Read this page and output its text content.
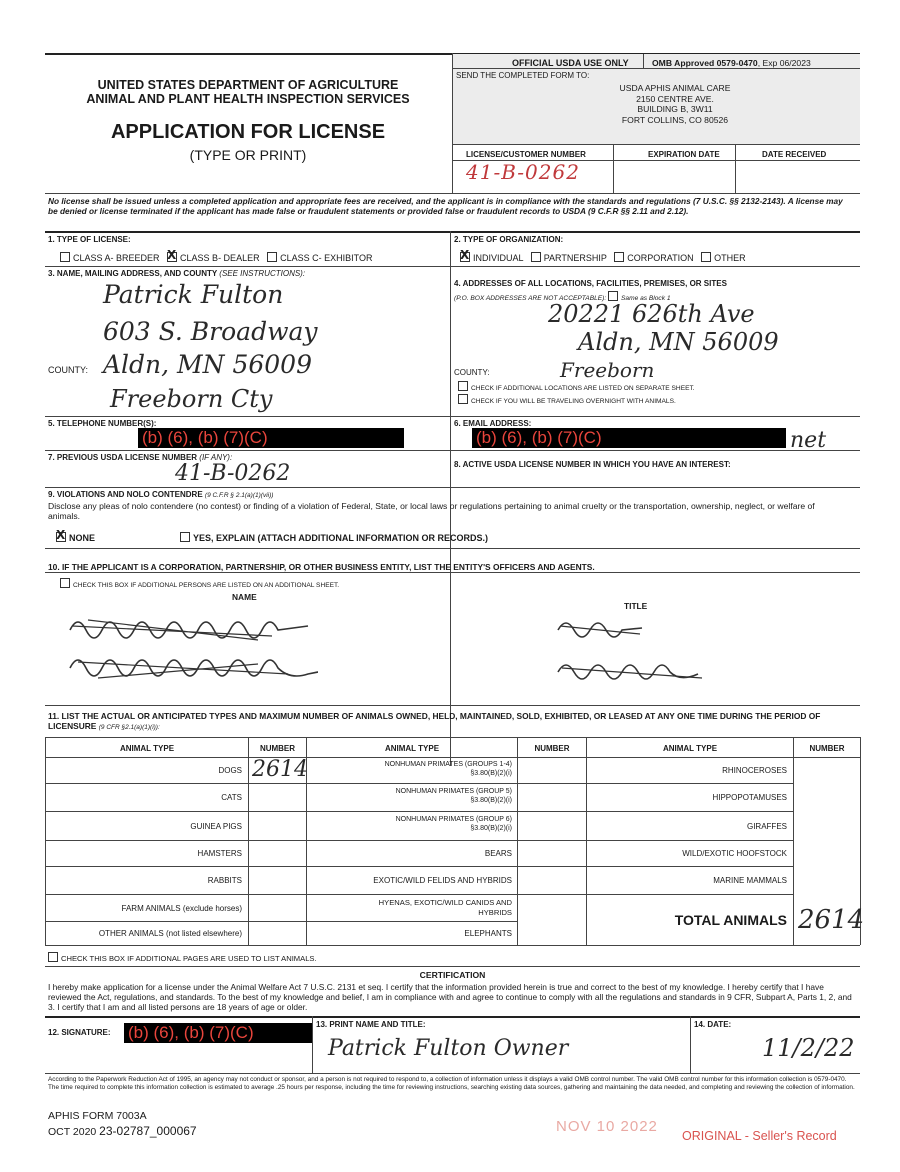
UNITED STATES DEPARTMENT OF AGRICULTURE
ANIMAL AND PLANT HEALTH INSPECTION SERVICES
APPLICATION FOR LICENSE
(TYPE OR PRINT)
OFFICIAL USDA USE ONLY	OMB Approved 0579-0470, Exp 06/2023
SEND THE COMPLETED FORM TO:
USDA APHIS ANIMAL CARE
2150 CENTRE AVE.
BUILDING B, 3W11
FORT COLLINS, CO 80526
LICENSE/CUSTOMER NUMBER	EXPIRATION DATE	DATE RECEIVED
41-B-0262
No license shall be issued unless a completed application and appropriate fees are received, and the applicant is in compliance with the standards and regulations (7 U.S.C. §§ 2132-2143). A license may be denied or license terminated if the applicant has made false or fraudulent statements or provided false or fraudulent records to USDA (9 C.F.R §§ 2.11 and 2.12).
1. TYPE OF LICENSE:
CLASS A- BREEDER   X CLASS B- DEALER CLASS C- EXHIBITOR
2. TYPE OF ORGANIZATION:
XINDIVIDUAL PARTNERSHIP CORPORATION OTHER
3. NAME, MAILING ADDRESS, AND COUNTY (SEE INSTRUCTIONS):
Patrick Fulton
603 S. Broadway
COUNTY: Aldn, MN 56009
Freeborn Cty
4. ADDRESSES OF ALL LOCATIONS, FACILITIES, PREMISES, OR SITES
(P.O. BOX ADDRESSES ARE NOT ACCEPTABLE): Same as Block 1
20221 626th Ave
Aldn, MN 56009
COUNTY:	Freeborn
CHECK IF ADDITIONAL LOCATIONS ARE LISTED ON SEPARATE SHEET.
CHECK IF YOU WILL BE TRAVELING OVERNIGHT WITH ANIMALS.
5. TELEPHONE NUMBER(S):
(b) (6), (b) (7)(C)
6. EMAIL ADDRESS:
(b) (6), (b) (7)(C)	net
7. PREVIOUS USDA LICENSE NUMBER (IF ANY):
41-B-0262	8. ACTIVE USDA LICENSE NUMBER IN WHICH YOU HAVE AN INTEREST:
9. VIOLATIONS AND NOLO CONTENDRE (9 C.F.R § 2.1(a)(1)(vii))
Disclose any pleas of nolo contendere (no contest) or finding of a violation of Federal, State, or local laws or regulations pertaining to animal cruelty or the transportation, ownership, neglect, or welfare of animals.
XNONE	YES, EXPLAIN (ATTACH ADDITIONAL INFORMATION OR RECORDS.)
10. IF THE APPLICANT IS A CORPORATION, PARTNERSHIP, OR OTHER BUSINESS ENTITY, LIST THE ENTITY'S OFFICERS AND AGENTS.
CHECK THIS BOX IF ADDITIONAL PERSONS ARE LISTED ON AN ADDITIONAL SHEET.
NAME
TITLE
11. LIST THE ACTUAL OR ANTICIPATED TYPES AND MAXIMUM NUMBER OF ANIMALS OWNED, HELD, MAINTAINED, SOLD, EXHIBITED, OR LEASED AT ANY ONE TIME DURING THE PERIOD OF LICENSURE (9 CFR §2.1(a)(1)(i)):
ANIMAL TYPE	NUMBER	ANIMAL TYPE	NUMBER	ANIMAL TYPE	NUMBER
DOGS 2614
CATS
GUINEA PIGS
HAMSTERS
RABBITS
FARM ANIMALS (exclude horses)
OTHER ANIMALS (not listed elsewhere)
NONHUMAN PRIMATES (GROUPS 1-4)
§3.80(B)(2)(i)
NONHUMAN PRIMATES (GROUP 5)
§3.80(B)(2)(i)
NONHUMAN PRIMATES (GROUP 6)
§3.80(B)(2)(i)
BEARS
EXOTIC/WILD FELIDS AND HYBRIDS
HYENAS, EXOTIC/WILD CANIDS AND
HYBRIDS
ELEPHANTS
RHINOCEROSES
HIPPOPOTAMUSES
GIRAFFES
WILD/EXOTIC HOOFSTOCK
MARINE MAMMALS
TOTAL ANIMALS 2614
CHECK THIS BOX IF ADDITIONAL PAGES ARE USED TO LIST ANIMALS.
CERTIFICATION
I hereby make application for a license under the Animal Welfare Act 7 U.S.C. 2131 et seq. I certify that the information provided herein is true and correct to the best of my knowledge. I hereby certify that I have reviewed the Act, regulations, and standards. To the best of my knowledge and belief, I am in compliance with and agree to continue to comply with all the regulations and standards in 9 CFR, Subpart A, Parts 1, 2, and 3. I certify that I am and all listed persons are 18 years of age or older.
12. SIGNATURE: (b) (6), (b) (7)(C)	13. PRINT NAME AND TITLE:
Patrick Fulton Owner
14. DATE:
11/2/22
According to the Paperwork Reduction Act of 1995, an agency may not conduct or sponsor, and a person is not required to respond to, a collection of information unless it displays a valid OMB control number. The valid OMB control number for this information collection is 0579-0470. The time required to complete this information collection is estimated to average .25 hours per response, including the time for reviewing instructions, searching existing data sources, gathering and maintaining the data needed, and completing and reviewing the collection of information.
APHIS FORM 7003A
OCT 2020 23-02787_000067	NOV 10 2022
ORIGINAL - Seller's Record
